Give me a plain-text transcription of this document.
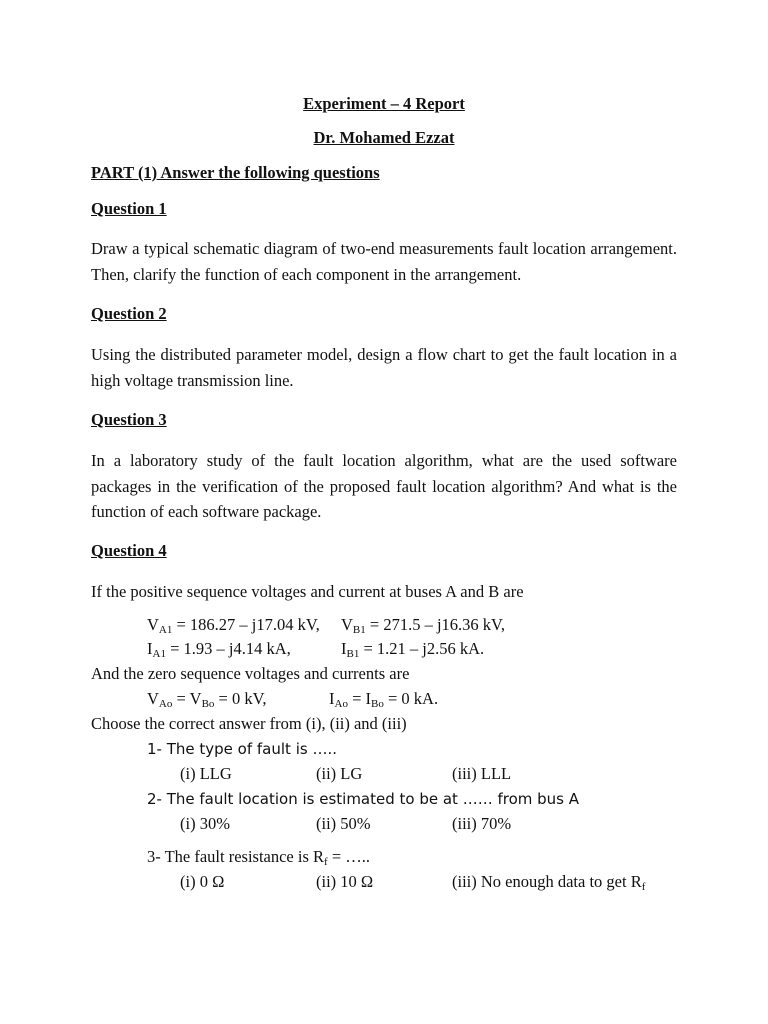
Experiment – 4 Report
Dr. Mohamed Ezzat
PART (1) Answer the following questions
Question 1
Draw a typical schematic diagram of two-end measurements fault location arrangement. Then, clarify the function of each component in the arrangement.
Question 2
Using the distributed parameter model, design a flow chart to get the fault location in a high voltage transmission line.
Question 3
In a laboratory study of the fault location algorithm, what are the used software packages in the verification of the proposed fault location algorithm? And what is the function of each software package.
Question 4
If the positive sequence voltages and current at buses A and B are
$V_{A1} = 186.27 - j17.04$ kV, $V_{B1} = 271.5 - j16.36$ kV,
$I_{A1} = 1.93 - j4.14$ kA,	$I_{B1} = 1.21 - j2.56$ kA.
And the zero sequence voltages and currents are
$V_{Ao} = V_{Bo} = 0$ kV,	$I_{Ao} = I_{Bo} = 0$ kA.
Choose the correct answer from (i), (ii) and (iii)
1- The type of fault is …..
(i) LLG	(ii) LG	(iii) LLL
2- The fault location is estimated to be at …… from bus A
(i) 30%	(ii) 50%	(iii) 70%
3- The fault resistance is $R_f$ = …..
(i) 0 Ω	(ii) 10 Ω	(iii) No enough data to get $R_f$
